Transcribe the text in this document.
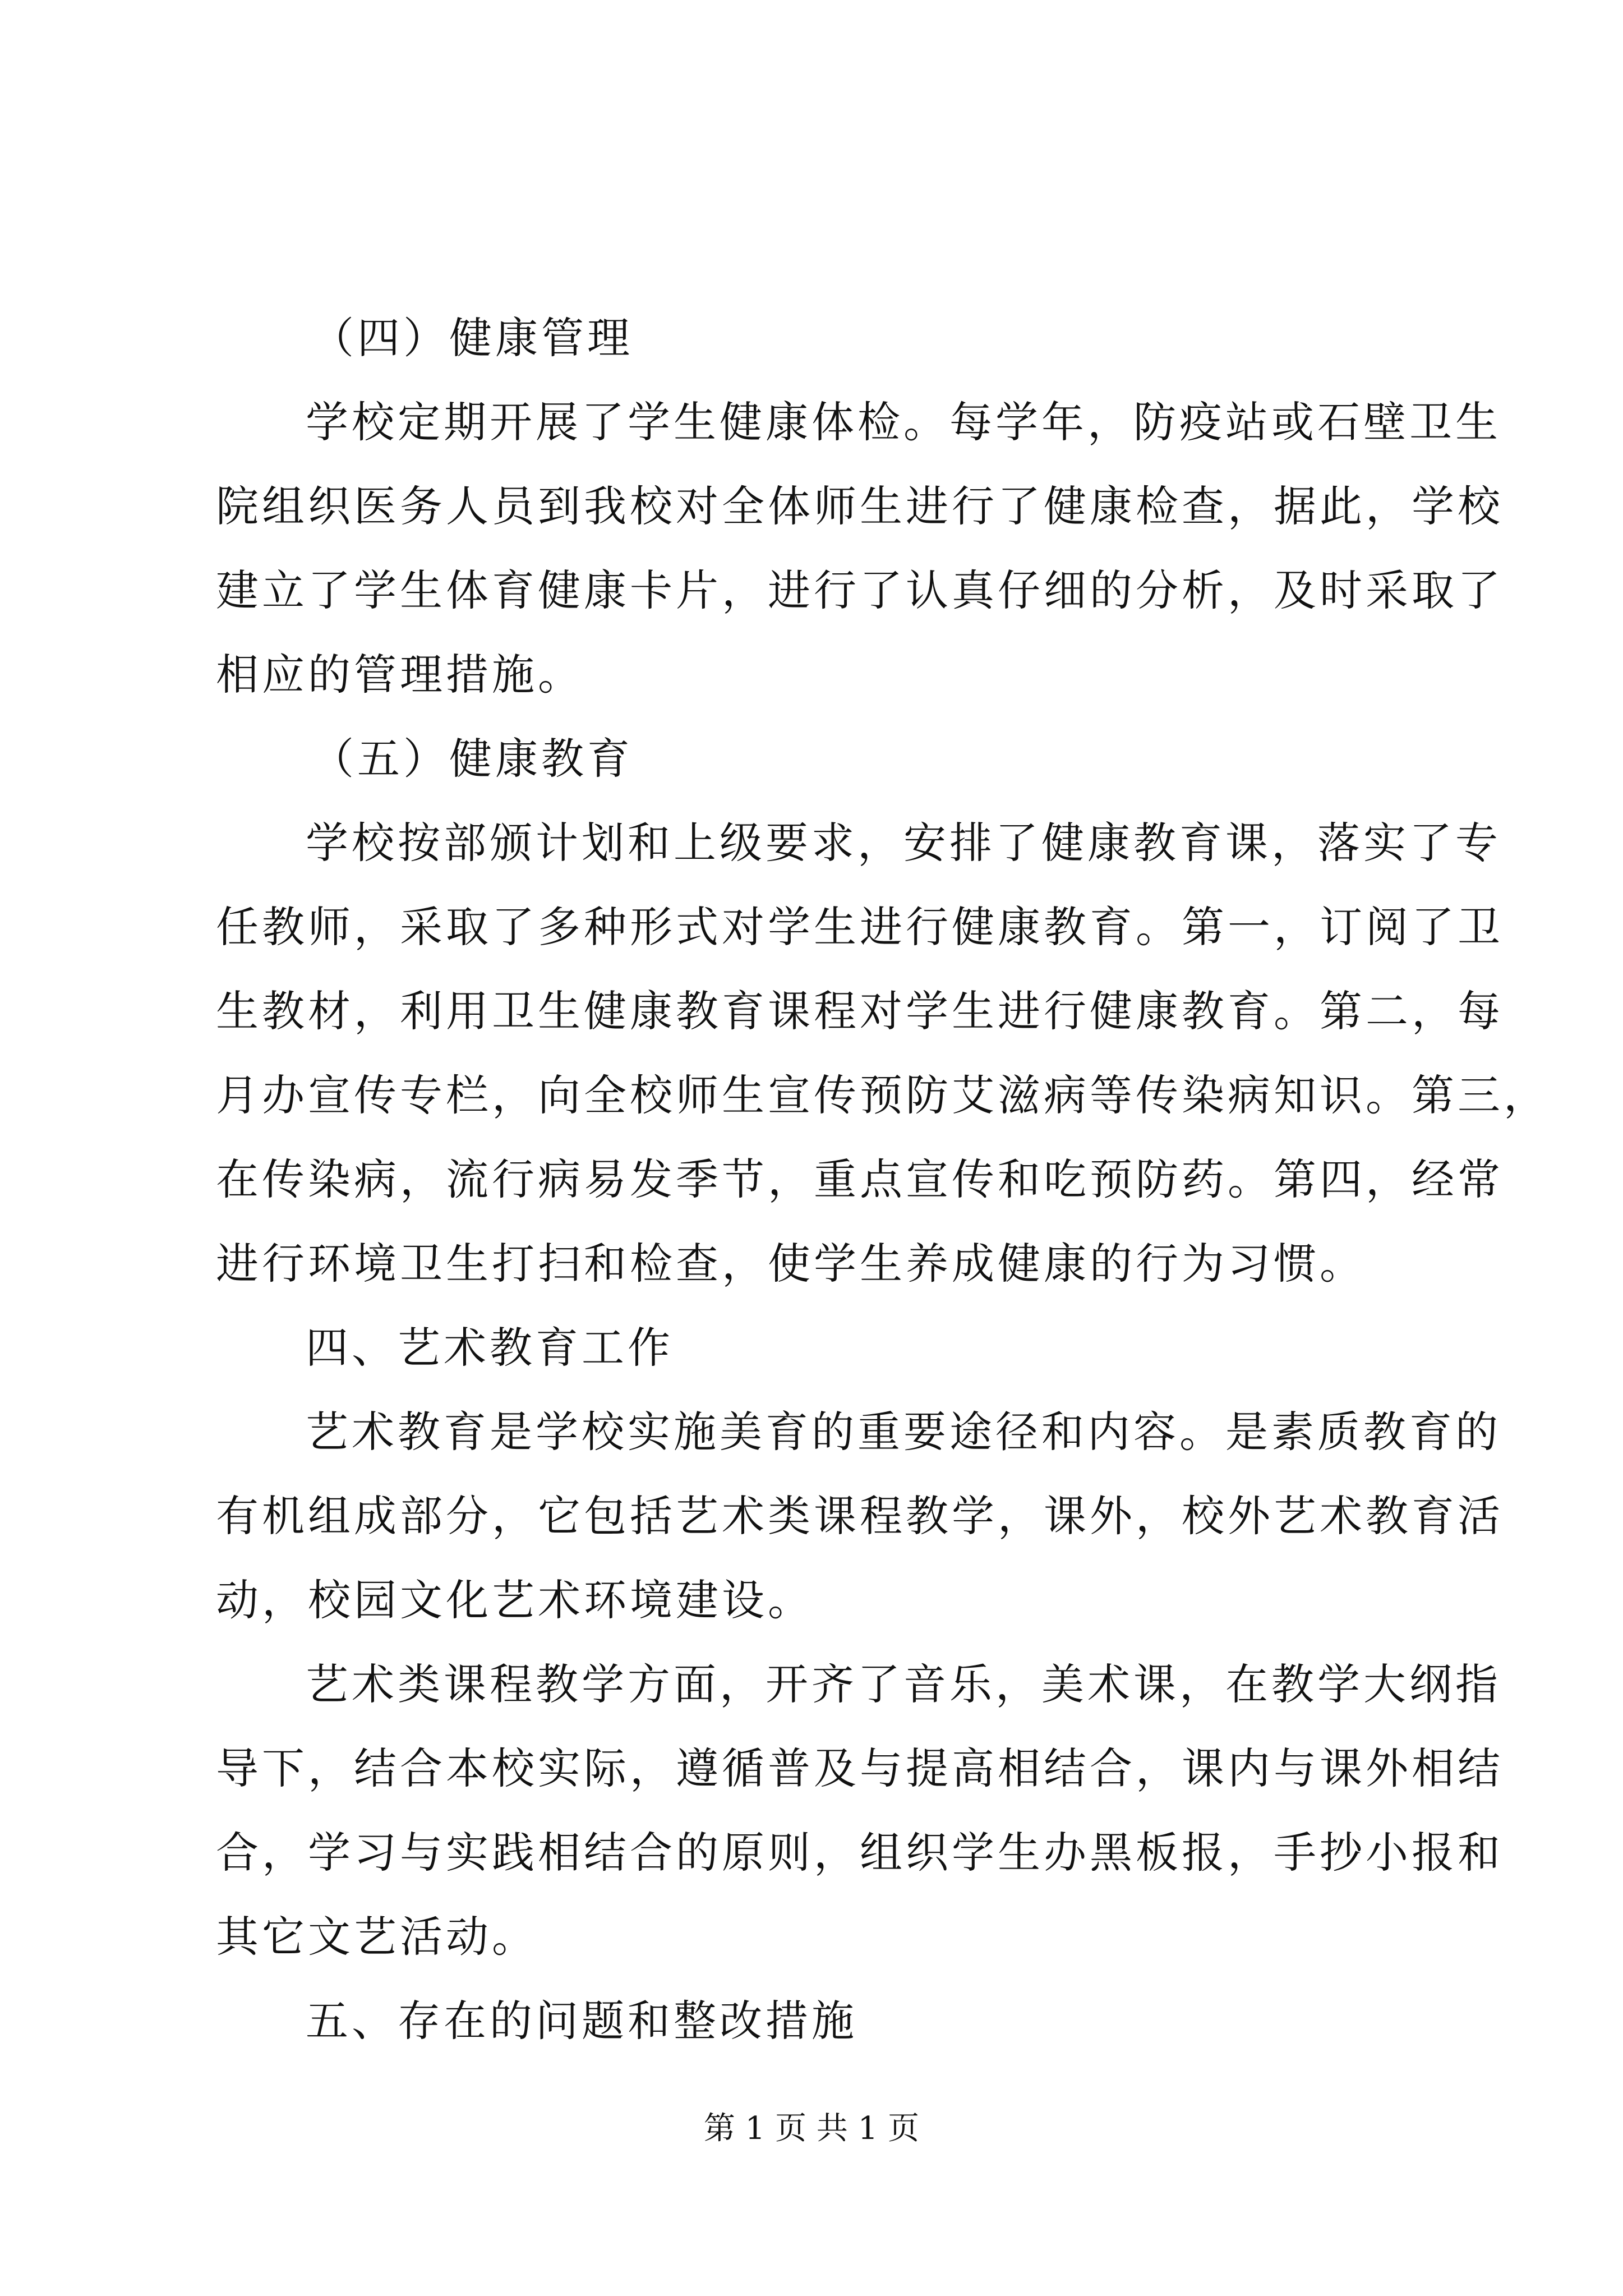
（四）健康管理
学校定期开展了学生健康体检。每学年，防疫站或石壁卫生
院组织医务人员到我校对全体师生进行了健康检查，据此，学校
建立了学生体育健康卡片，进行了认真仔细的分析，及时采取了
相应的管理措施。
（五）健康教育
学校按部颁计划和上级要求，安排了健康教育课，落实了专
任教师，采取了多种形式对学生进行健康教育。第一，订阅了卫
生教材，利用卫生健康教育课程对学生进行健康教育。第二，每
月办宣传专栏，向全校师生宣传预防艾滋病等传染病知识。第三，
在传染病，流行病易发季节，重点宣传和吃预防药。第四，经常
进行环境卫生打扫和检查，使学生养成健康的行为习惯。
四、艺术教育工作
艺术教育是学校实施美育的重要途径和内容。是素质教育的
有机组成部分，它包括艺术类课程教学，课外，校外艺术教育活
动，校园文化艺术环境建设。
艺术类课程教学方面，开齐了音乐，美术课，在教学大纲指
导下，结合本校实际，遵循普及与提高相结合，课内与课外相结
合，学习与实践相结合的原则，组织学生办黑板报，手抄小报和
其它文艺活动。
五、存在的问题和整改措施
第 1 页 共 1 页
